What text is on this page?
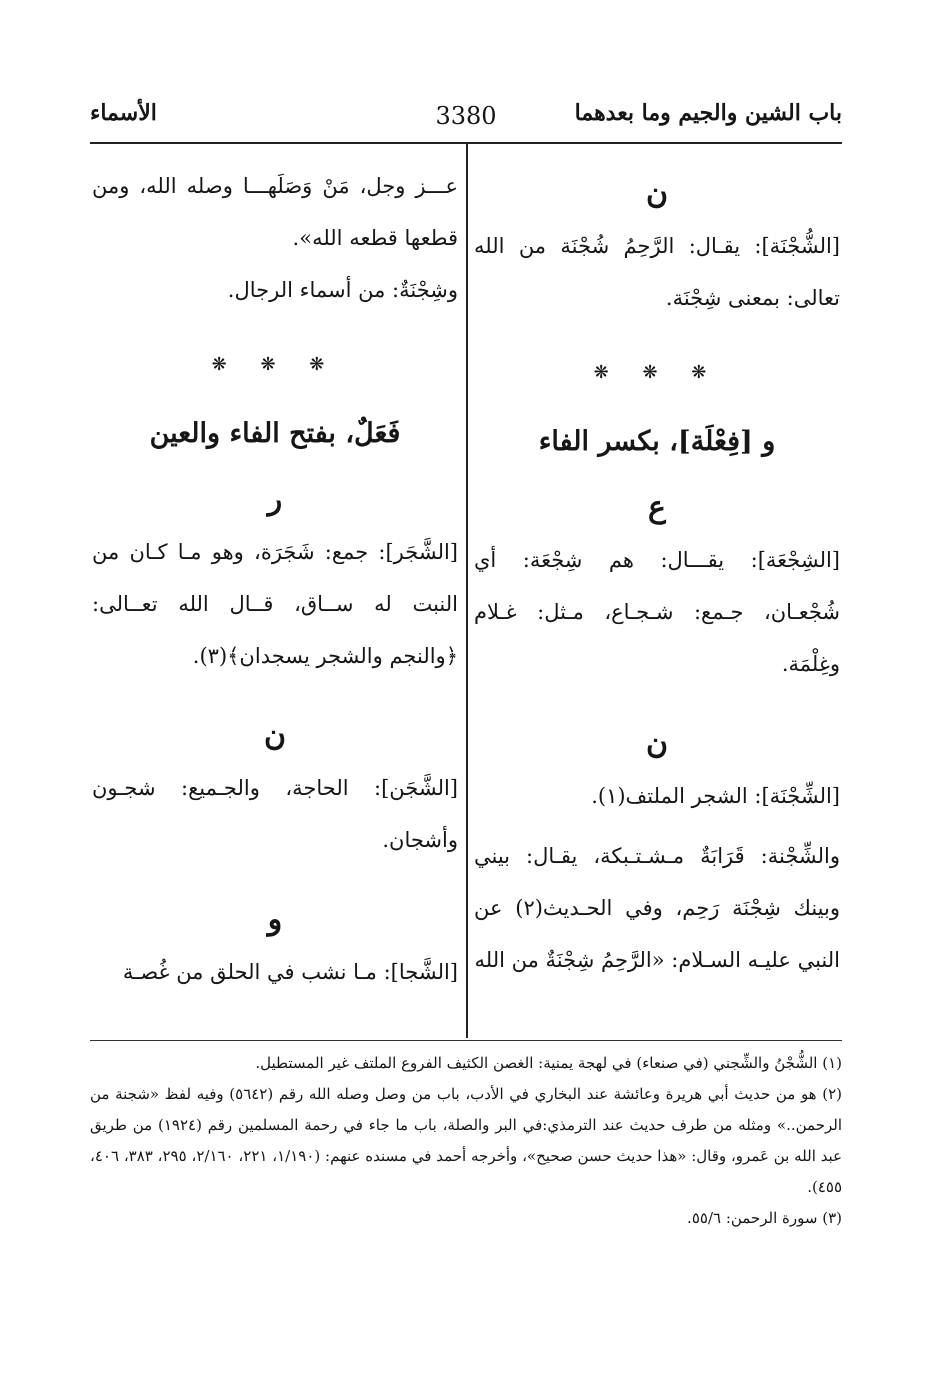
باب الشين والجيم وما بعدهما
3380
الأسماء
ن

[الشُّجْنَة]: يقـال: الرَّحِمُ شُجْنَة من الله تعالى: بمعنى شِجْنَة.

❋ ❋ ❋
و [فِعْلَة]، بكسر الفاء
ع

[الشِجْعَة]: يقـــال: هم شِجْعَة: أي شُجْعـان، جـمع: شـجـاع، مـثل: غـلام وغِلْمَة.

ن

[الشِّجْنَة]: الشجر الملتف(١).

والشِّجْنة: قَرَابَةٌ مـشـتـبكة، يقـال: بيني وبينك شِجْنَة رَحِم، وفي الحـديث(٢) عن النبي عليـه السـلام: «الرَّحِمُ شِجْنَةٌ من الله

عـــز وجل، مَنْ وَصَلَهـــا وصله الله، ومن قطعها قطعه الله».

وشِجْنَةٌ: من أسماء الرجال.

❋ ❋ ❋
فَعَلٌ، بفتح الفاء والعين
ر

[الشَّجَر]: جمع: شَجَرَة، وهو مـا كـان من النبت له ســاق، قــال الله تعــالى: ﴿والنجم والشجر يسجدان﴾(٣).

ن

[الشَّجَن]: الحاجة، والجـميع: شجـون وأشجان.

و

[الشَّجا]: مـا نشب في الحلق من غُصـة

(١) الشُّجْنُ والشِّجني (في صنعاء) في لهجة يمنية: الغصن الكثيف الفروع الملتف غير المستطيل.

(٢) هو من حديث أبي هريرة وعائشة عند البخاري في الأدب، باب من وصل وصله الله رقم (٥٦٤٢) وفيه لفظ «شجنة من الرحمن..» ومثله من طرف حديث عند الترمذي:في البر والصلة، باب ما جاء في رحمة المسلمين رقم (١٩٢٤) من طريق عبد الله بن عَمرو، وقال: «هذا حديث حسن صحيح»، وأخرجه أحمد في مسنده عنهم: (١/١٩٠، ٢٢١، ٢/١٦٠، ٢٩٥، ٣٨٣، ٤٠٦، ٤٥٥).

(٣) سورة الرحمن: ٥٥/٦.
